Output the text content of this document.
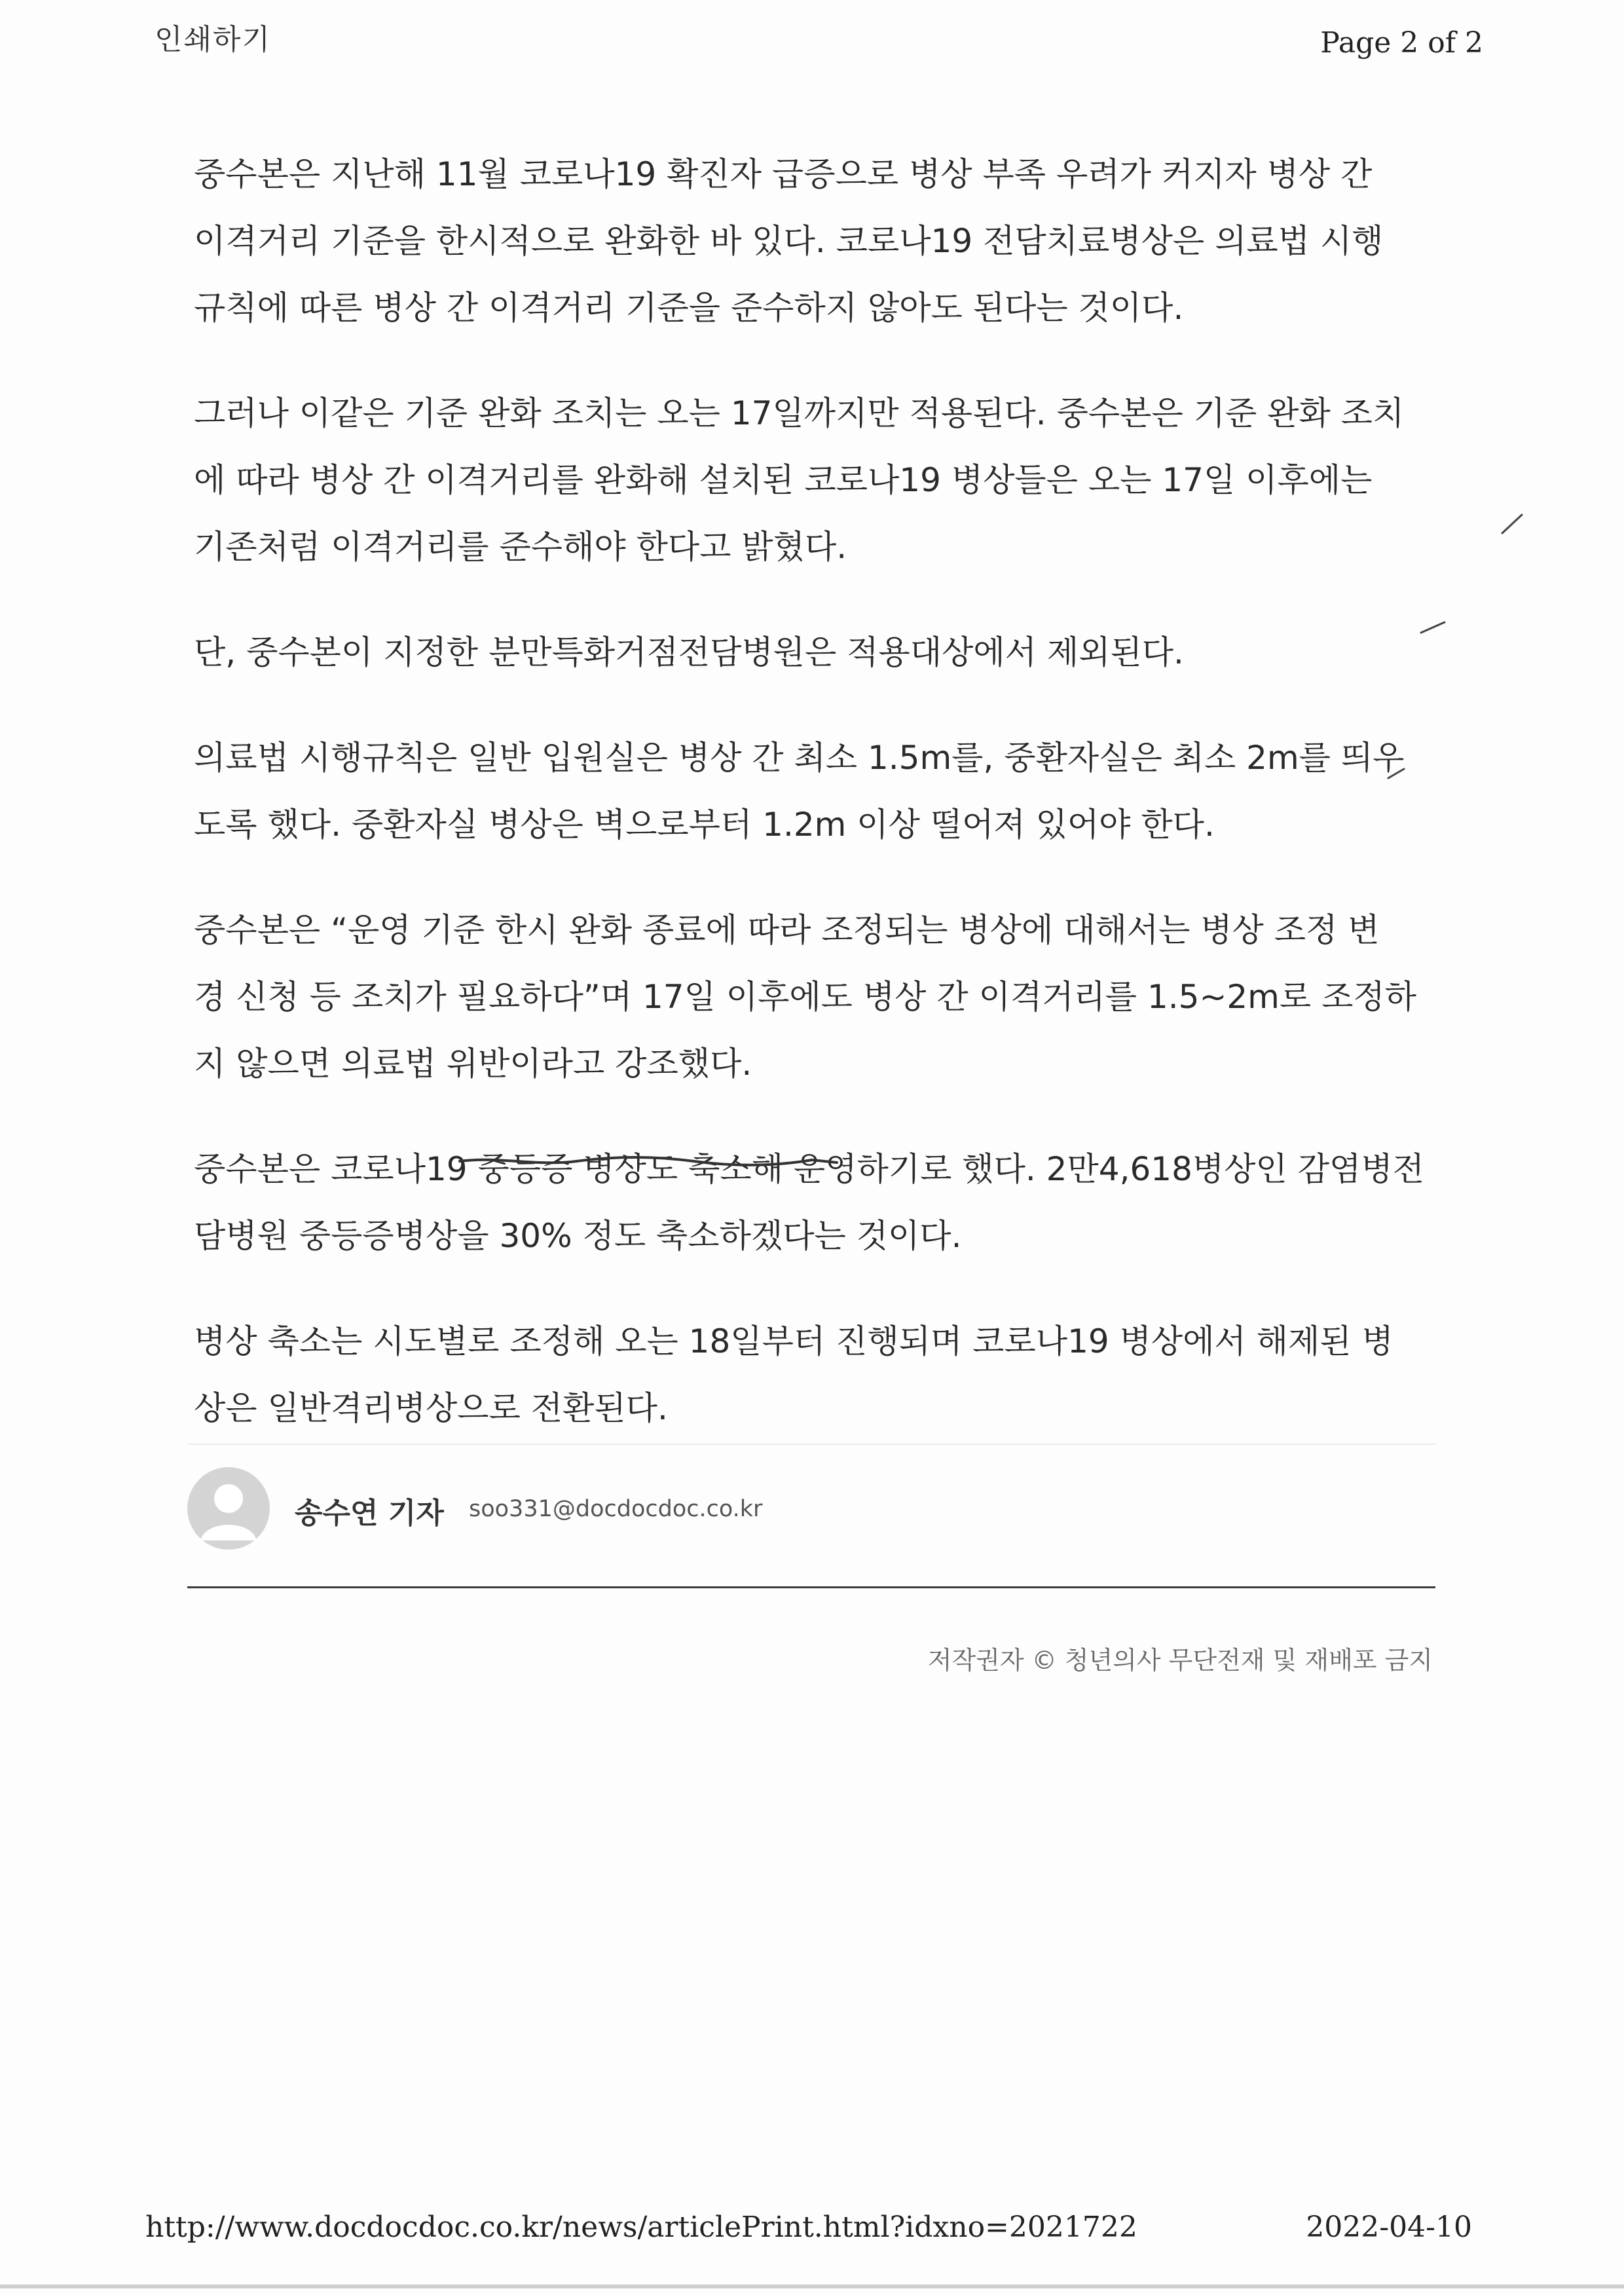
인쇄하기	Page 2 of 2

중수본은 지난해 11월 코로나19 확진자 급증으로 병상 부족 우려가 커지자 병상 간
이격거리 기준을 한시적으로 완화한 바 있다. 코로나19 전담치료병상은 의료법 시행
규칙에 따른 병상 간 이격거리 기준을 준수하지 않아도 된다는 것이다.

그러나 이같은 기준 완화 조치는 오는 17일까지만 적용된다. 중수본은 기준 완화 조치
에 따라 병상 간 이격거리를 완화해 설치된 코로나19 병상들은 오는 17일 이후에는
기존처럼 이격거리를 준수해야 한다고 밝혔다.

단, 중수본이 지정한 분만특화거점전담병원은 적용대상에서 제외된다.

의료법 시행규칙은 일반 입원실은 병상 간 최소 1.5m를, 중환자실은 최소 2m를 띄우
도록 했다. 중환자실 병상은 벽으로부터 1.2m 이상 떨어져 있어야 한다.

중수본은 “운영 기준 한시 완화 종료에 따라 조정되는 병상에 대해서는 병상 조정 변
경 신청 등 조치가 필요하다”며 17일 이후에도 병상 간 이격거리를 1.5~2m로 조정하
지 않으면 의료법 위반이라고 강조했다.

중수본은 코로나19 중등증 병상도 축소해 운영하기로 했다. 2만4,618병상인 감염병전
담병원 중등증병상을 30% 정도 축소하겠다는 것이다.

병상 축소는 시도별로 조정해 오는 18일부터 진행되며 코로나19 병상에서 해제된 병
상은 일반격리병상으로 전환된다.

송수연 기자 soo331@docdocdoc.co.kr
저작권자 © 청년의사 무단전재 및 재배포 금지
http://www.docdocdoc.co.kr/news/articlePrint.html?idxno=2021722	2022-04-10
